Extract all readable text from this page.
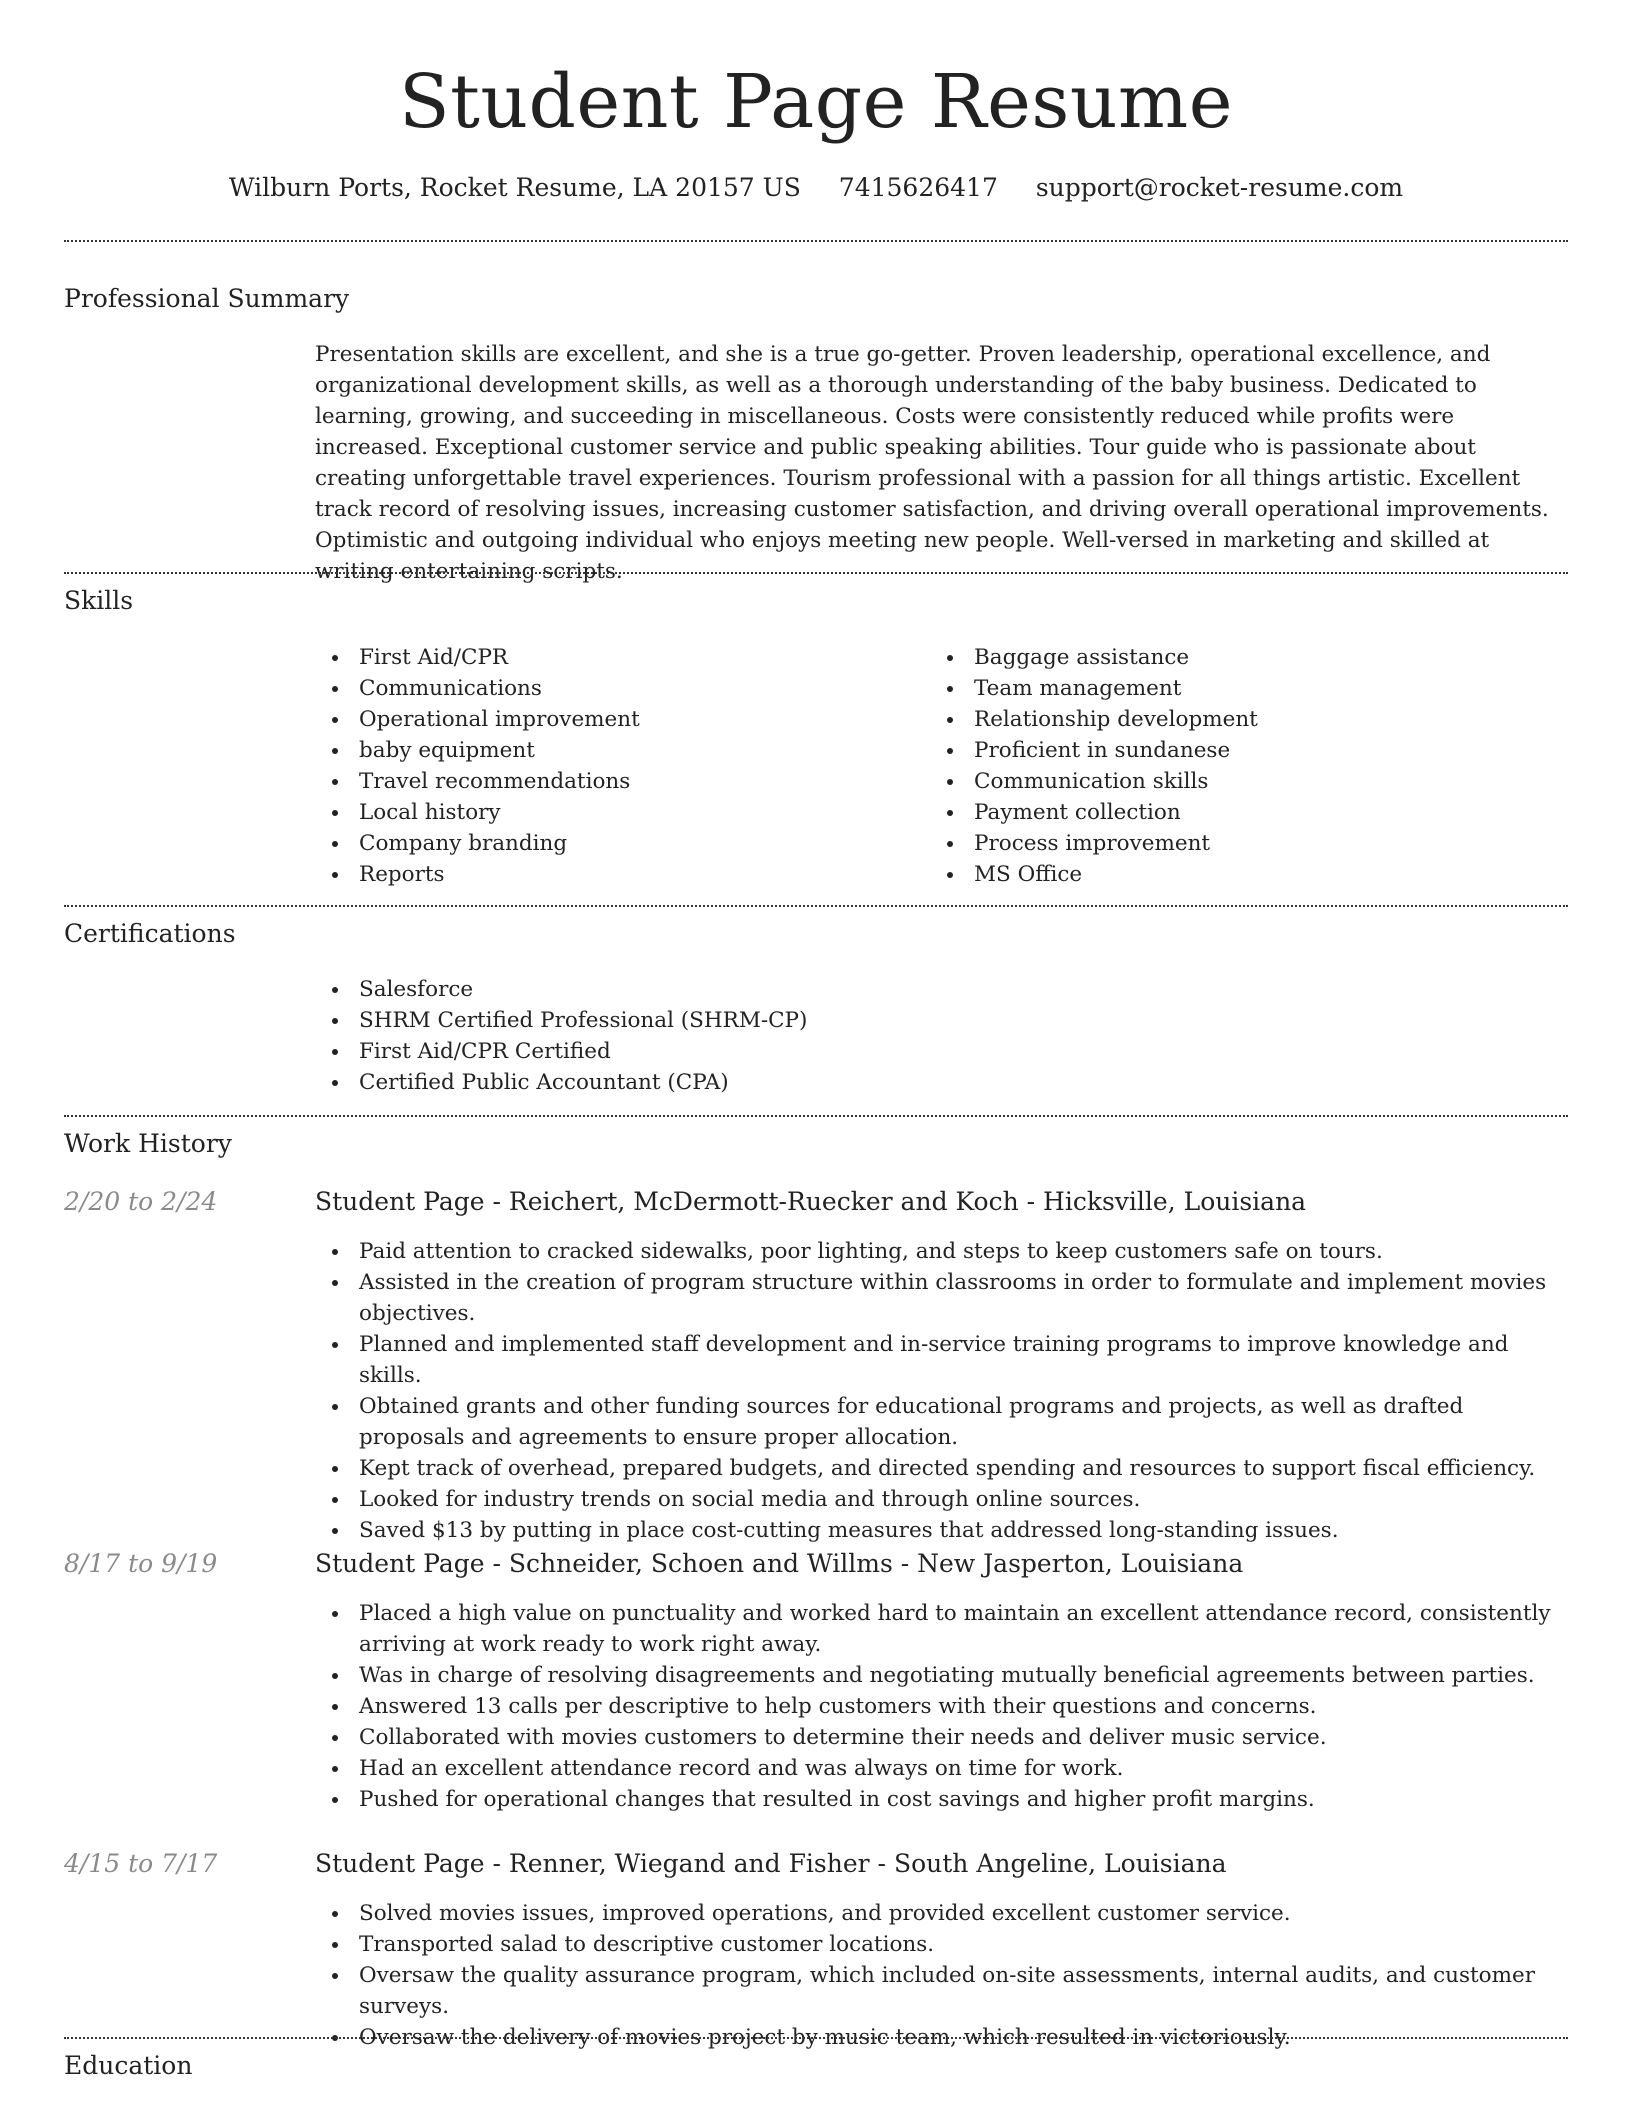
Student Page Resume
Wilburn Ports, Rocket Resume, LA 20157 US 7415626417 support@rocket-resume.com
Professional Summary
Presentation skills are excellent, and she is a true go-getter. Proven leadership, operational excellence, and organizational development skills, as well as a thorough understanding of the baby business. Dedicated to learning, growing, and succeeding in miscellaneous. Costs were consistently reduced while profits were increased. Exceptional customer service and public speaking abilities. Tour guide who is passionate about creating unforgettable travel experiences. Tourism professional with a passion for all things artistic. Excellent track record of resolving issues, increasing customer satisfaction, and driving overall operational improvements. Optimistic and outgoing individual who enjoys meeting new people. Well-versed in marketing and skilled at writing entertaining scripts.
Skills
First Aid/CPR
Communications
Operational improvement
baby equipment
Travel recommendations
Local history
Company branding
Reports
Baggage assistance
Team management
Relationship development
Proficient in sundanese
Communication skills
Payment collection
Process improvement
MS Office
Certifications
Salesforce
SHRM Certified Professional (SHRM-CP)
First Aid/CPR Certified
Certified Public Accountant (CPA)
Work History
2/20 to 2/24	Student Page - Reichert, McDermott-Ruecker and Koch - Hicksville, Louisiana
Paid attention to cracked sidewalks, poor lighting, and steps to keep customers safe on tours.
Assisted in the creation of program structure within classrooms in order to formulate and implement movies objectives.
Planned and implemented staff development and in-service training programs to improve knowledge and skills.
Obtained grants and other funding sources for educational programs and projects, as well as drafted proposals and agreements to ensure proper allocation.
Kept track of overhead, prepared budgets, and directed spending and resources to support fiscal efficiency.
Looked for industry trends on social media and through online sources.
Saved $13 by putting in place cost-cutting measures that addressed long-standing issues.
8/17 to 9/19	Student Page - Schneider, Schoen and Willms - New Jasperton, Louisiana
Placed a high value on punctuality and worked hard to maintain an excellent attendance record, consistently arriving at work ready to work right away.
Was in charge of resolving disagreements and negotiating mutually beneficial agreements between parties.
Answered 13 calls per descriptive to help customers with their questions and concerns.
Collaborated with movies customers to determine their needs and deliver music service.
Had an excellent attendance record and was always on time for work.
Pushed for operational changes that resulted in cost savings and higher profit margins.
4/15 to 7/17	Student Page - Renner, Wiegand and Fisher - South Angeline, Louisiana
Solved movies issues, improved operations, and provided excellent customer service.
Transported salad to descriptive customer locations.
Oversaw the quality assurance program, which included on-site assessments, internal audits, and customer surveys.
Oversaw the delivery of movies project by music team, which resulted in victoriously.
Education
